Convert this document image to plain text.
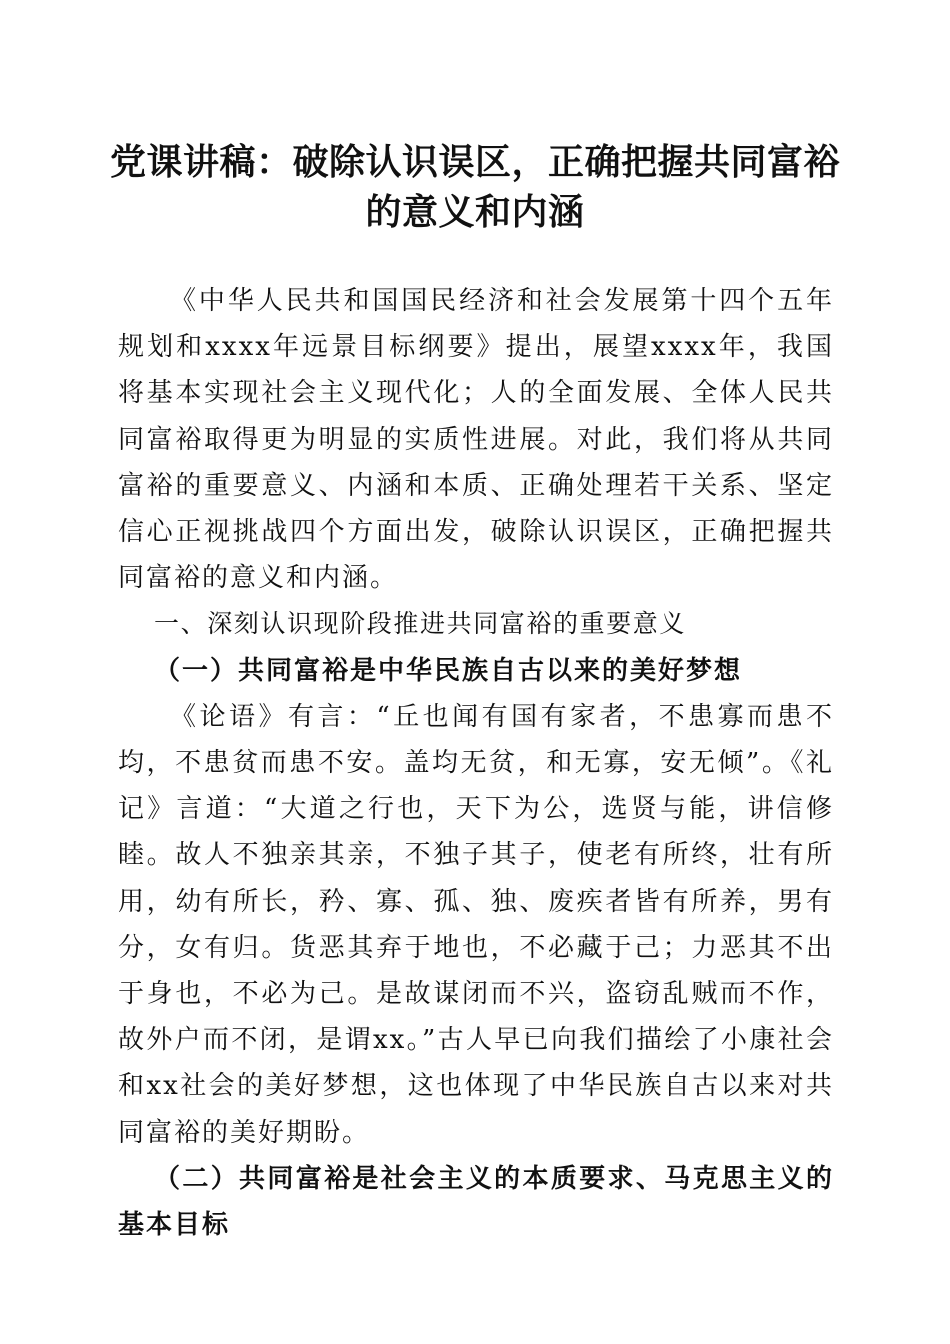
党课讲稿：破除认识误区，正确把握共同富裕
的意义和内涵

《中华人民共和国国民经济和社会发展第十四个五年规划和xxxx年远景目标纲要》提出，展望xxxx年，我国将基本实现社会主义现代化；人的全面发展、全体人民共同富裕取得更为明显的实质性进展。对此，我们将从共同富裕的重要意义、内涵和本质、正确处理若干关系、坚定信心正视挑战四个方面出发，破除认识误区，正确把握共同富裕的意义和内涵。

一、深刻认识现阶段推进共同富裕的重要意义
（一）共同富裕是中华民族自古以来的美好梦想

《论语》有言：“丘也闻有国有家者，不患寡而患不均，不患贫而患不安。盖均无贫，和无寡，安无倾”。《礼记》言道：“大道之行也，天下为公，选贤与能，讲信修睦。故人不独亲其亲，不独子其子，使老有所终，壮有所用，幼有所长，矜、寡、孤、独、废疾者皆有所养，男有分，女有归。货恶其弃于地也，不必藏于己；力恶其不出于身也，不必为己。是故谋闭而不兴，盗窃乱贼而不作，故外户而不闭，是谓xx。”古人早已向我们描绘了小康社会和xx社会的美好梦想，这也体现了中华民族自古以来对共同富裕的美好期盼。

（二）共同富裕是社会主义的本质要求、马克思主义的基本目标
